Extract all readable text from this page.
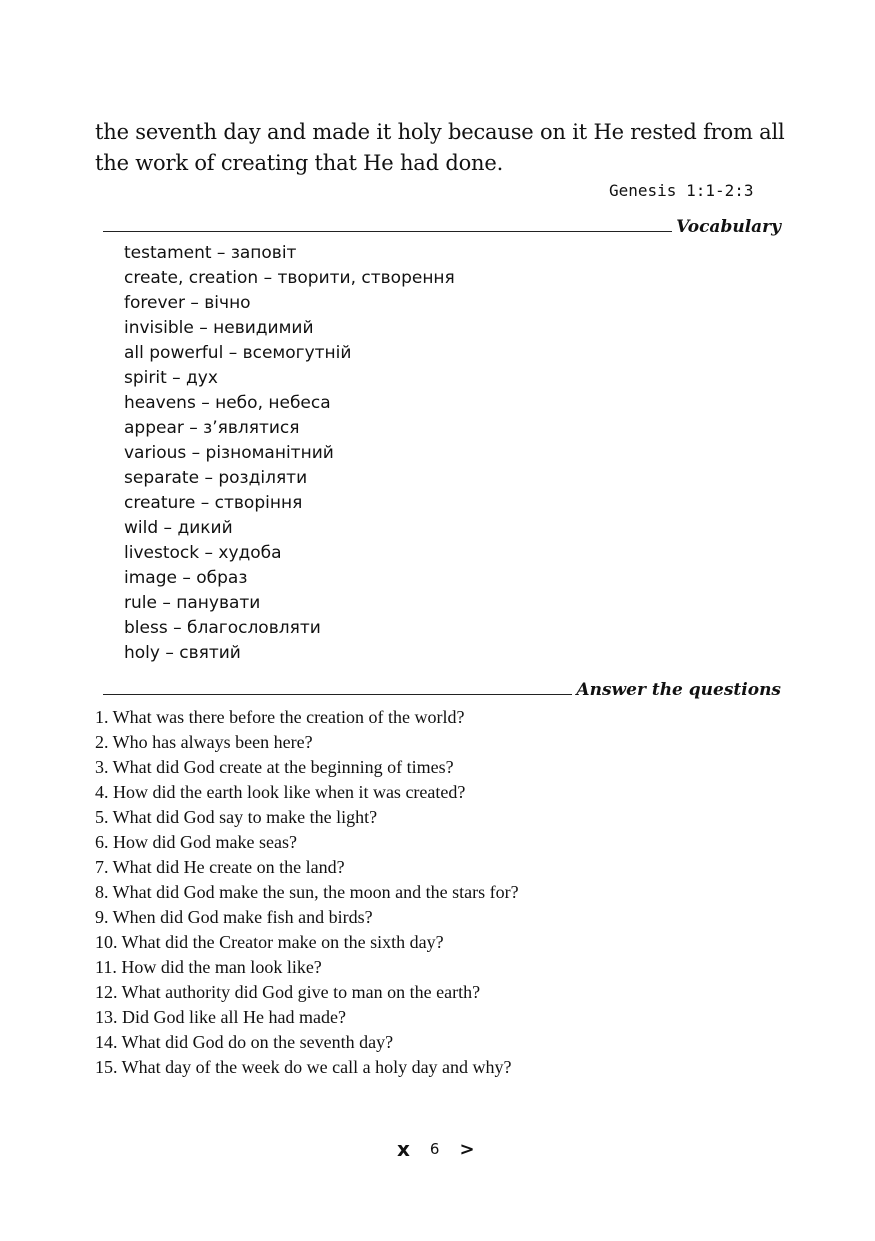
the seventh day and made it holy because on it He rested from all the work of creating that He had done.

Genesis 1:1-2:3
Vocabulary
testament – заповіт
create, creation – творити, створення
forever – вічно
invisible – невидимий
all powerful – всемогутній
spirit – дух
heavens – небо, небеса
appear – з’являтися
various – різноманітний
separate – розділяти
creature – створіння
wild – дикий
livestock – худоба
image – образ
rule – панувати
bless – благословляти
holy – святий
Answer the questions
1. What was there before the creation of the world?
2. Who has always been here?
3. What did God create at the beginning of times?
4. How did the earth look like when it was created?
5. What did God say to make the light?
6. How did God make seas?
7. What did He create on the land?
8. What did God make the sun, the moon and the stars for?
9. When did God make fish and birds?
10. What did the Creator make on the sixth day?
11. How did the man look like?
12. What authority did God give to man on the earth?
13. Did God like all He had made?
14. What did God do on the seventh day?
15. What day of the week do we call a holy day and why?
x 6 >
